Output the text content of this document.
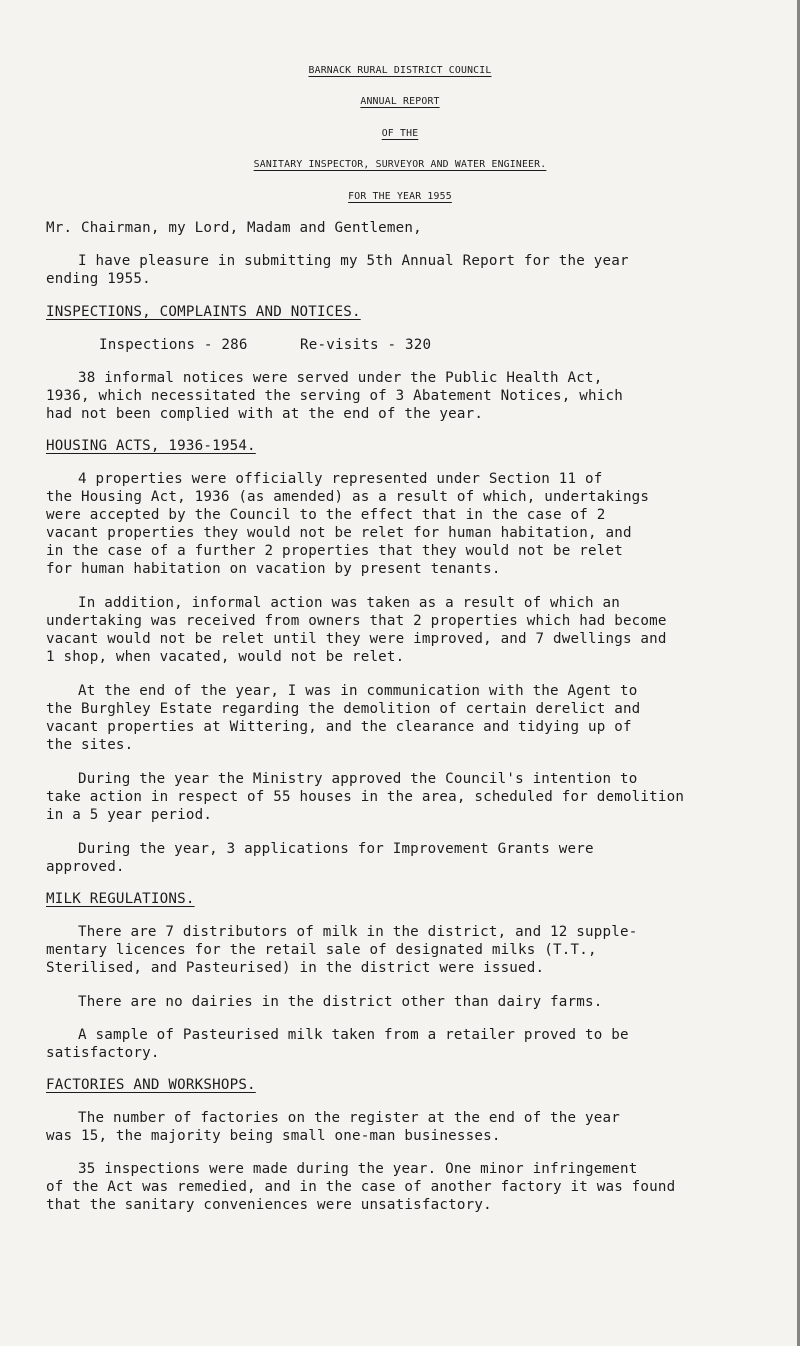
BARNACK RURAL DISTRICT COUNCIL
ANNUAL REPORT
OF THE
SANITARY INSPECTOR, SURVEYOR AND WATER ENGINEER.
FOR THE YEAR 1955
Mr. Chairman, my Lord, Madam and Gentlemen,
I have pleasure in submitting my 5th Annual Report for the year
ending 1955.
INSPECTIONS, COMPLAINTS AND NOTICES.
Inspections - 286      Re-visits - 320
38 informal notices were served under the Public Health Act,
1936, which necessitated the serving of 3 Abatement Notices, which
had not been complied with at the end of the year.
HOUSING ACTS, 1936-1954.
4 properties were officially represented under Section 11 of
the Housing Act, 1936 (as amended) as a result of which, undertakings
were accepted by the Council to the effect that in the case of 2
vacant properties they would not be relet for human habitation, and
in the case of a further 2 properties that they would not be relet
for human habitation on vacation by present tenants.
In addition, informal action was taken as a result of which an
undertaking was received from owners that 2 properties which had become
vacant would not be relet until they were improved, and 7 dwellings and
1 shop, when vacated, would not be relet.
At the end of the year, I was in communication with the Agent to
the Burghley Estate regarding the demolition of certain derelict and
vacant properties at Wittering, and the clearance and tidying up of
the sites.
During the year the Ministry approved the Council's intention to
take action in respect of 55 houses in the area, scheduled for demolition
in a 5 year period.
During the year, 3 applications for Improvement Grants were
approved.
MILK REGULATIONS.
There are 7 distributors of milk in the district, and 12 supple-
mentary licences for the retail sale of designated milks (T.T.,
Sterilised, and Pasteurised) in the district were issued.
There are no dairies in the district other than dairy farms.
A sample of Pasteurised milk taken from a retailer proved to be
satisfactory.
FACTORIES AND WORKSHOPS.
The number of factories on the register at the end of the year
was 15, the majority being small one-man businesses.
35 inspections were made during the year. One minor infringement
of the Act was remedied, and in the case of another factory it was found
that the sanitary conveniences were unsatisfactory.
